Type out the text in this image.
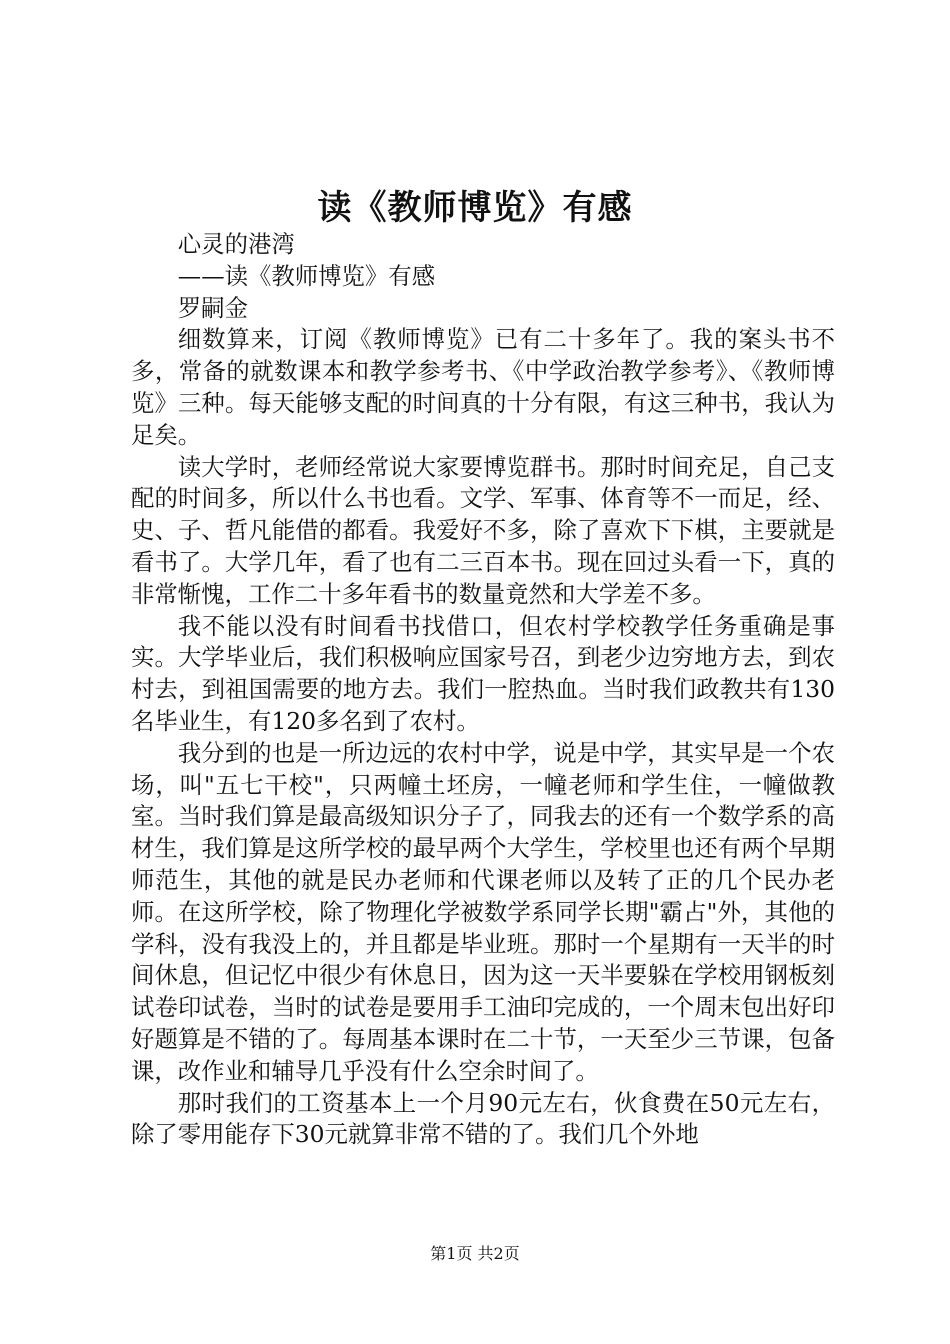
读《教师博览》有感

心灵的港湾

——读《教师博览》有感

罗嗣金

细数算来，订阅《教师博览》已有二十多年了。我的案头书不多，常备的就数课本和教学参考书、《中学政治教学参考》、《教师博览》三种。每天能够支配的时间真的十分有限，有这三种书，我认为足矣。

读大学时，老师经常说大家要博览群书。那时时间充足，自己支配的时间多，所以什么书也看。文学、军事、体育等不一而足，经、史、子、哲凡能借的都看。我爱好不多，除了喜欢下下棋，主要就是看书了。大学几年，看了也有二三百本书。现在回过头看一下，真的非常惭愧，工作二十多年看书的数量竟然和大学差不多。

我不能以没有时间看书找借口，但农村学校教学任务重确是事实。大学毕业后，我们积极响应国家号召，到老少边穷地方去，到农村去，到祖国需要的地方去。我们一腔热血。当时我们政教共有130名毕业生，有120多名到了农村。

我分到的也是一所边远的农村中学，说是中学，其实早是一个农场，叫"五七干校"，只两幢土坯房，一幢老师和学生住，一幢做教室。当时我们算是最高级知识分子了，同我去的还有一个数学系的高材生，我们算是这所学校的最早两个大学生，学校里也还有两个早期师范生，其他的就是民办老师和代课老师以及转了正的几个民办老师。在这所学校，除了物理化学被数学系同学长期"霸占"外，其他的学科，没有我没上的，并且都是毕业班。那时一个星期有一天半的时间休息，但记忆中很少有休息日，因为这一天半要躲在学校用钢板刻试卷印试卷，当时的试卷是要用手工油印完成的，一个周末包出好印好题算是不错的了。每周基本课时在二十节，一天至少三节课，包备课，改作业和辅导几乎没有什么空余时间了。

那时我们的工资基本上一个月90元左右，伙食费在50元左右，除了零用能存下30元就算非常不错的了。我们几个外地

第1页 共2页
